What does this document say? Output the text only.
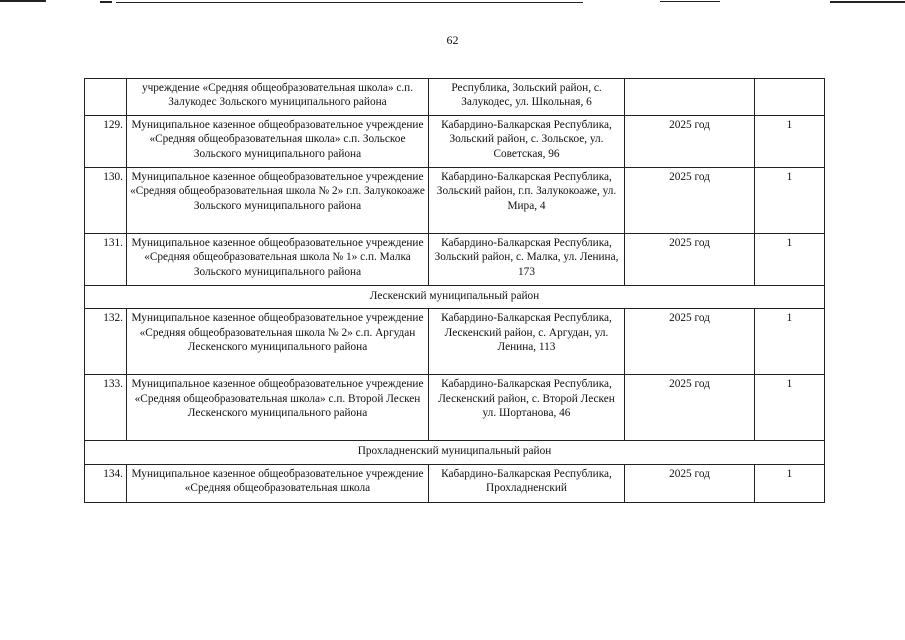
62
	учреждение «Средняя общеобразовательная школа» с.п. Залукодес Зольского муниципального района	Республика, Зольский район, с. Залукодес, ул. Школьная, 6		
129.	Муниципальное казенное общеобразовательное учреждение «Средняя общеобразовательная школа» с.п. Зольское Зольского муниципального района	Кабардино-Балкарская Республика, Зольский район, с. Зольское, ул. Советская, 96	2025 год	1
130.	Муниципальное казенное общеобразовательное учреждение «Средняя общеобразовательная школа № 2» г.п. Залукокоаже Зольского муниципального района	Кабардино-Балкарская Республика, Зольский район, г.п. Залукокоаже, ул. Мира, 4	2025 год	1
131.	Муниципальное казенное общеобразовательное учреждение «Средняя общеобразовательная школа № 1» с.п. Малка Зольского муниципального района	Кабардино-Балкарская Республика, Зольский район, с. Малка, ул. Ленина, 173	2025 год	1
Лескенский муниципальный район				
132.	Муниципальное казенное общеобразовательное учреждение «Средняя общеобразовательная школа № 2» с.п. Аргудан Лескенского муниципального района	Кабардино-Балкарская Республика, Лескенский район, с. Аргудан, ул. Ленина, 113	2025 год	1
133.	Муниципальное казенное общеобразовательное учреждение «Средняя общеобразовательная школа» с.п. Второй Лескен Лескенского муниципального района	Кабардино-Балкарская Республика, Лескенский район, с. Второй Лескен ул. Шортанова, 46	2025 год	1
Прохладненский муниципальный район				
134.	Муниципальное казенное общеобразовательное учреждение «Средняя общеобразовательная школа	Кабардино-Балкарская Республика, Прохладненский	2025 год	1
